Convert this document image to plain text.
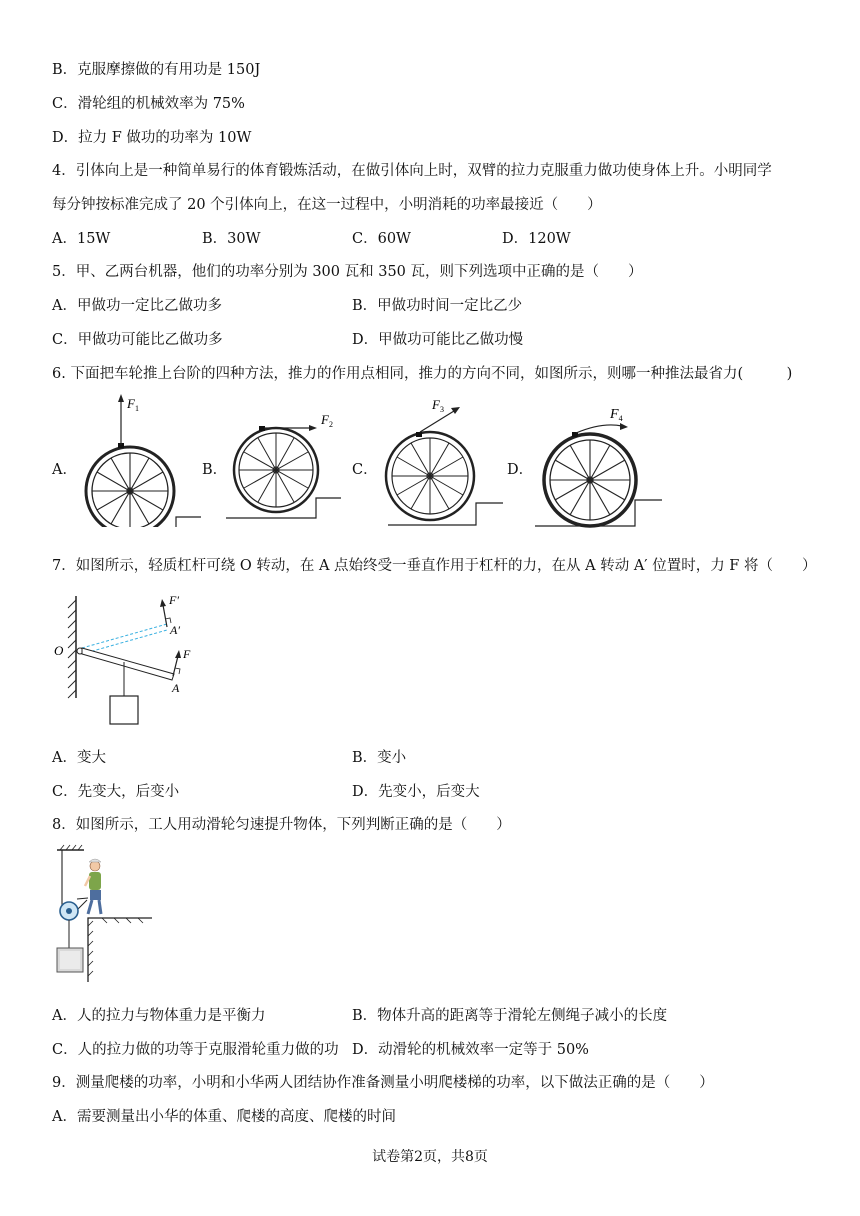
B．克服摩擦做的有用功是 150J
C．滑轮组的机械效率为 75%
D．拉力 F 做功的功率为 10W
4．引体向上是一种简单易行的体育锻炼活动，在做引体向上时，双臂的拉力克服重力做功使身体上升。小明同学
每分钟按标准完成了 20 个引体向上，在这一过程中，小明消耗的功率最接近（　　）
A．15W	B．30W	C．60W	D．120W
5．甲、乙两台机器，他们的功率分别为 300 瓦和 350 瓦，则下列选项中正确的是（　　）
A．甲做功一定比乙做功多	B．甲做功时间一定比乙少
C．甲做功可能比乙做功多	D．甲做功可能比乙做功慢
6. 下面把车轮推上台阶的四种方法，推力的作用点相同，推力的方向不同，如图所示，则哪一种推法最省力(　　　)
A．	B．	C．	D．
$F_1$
$F_2$
$F_3$	$F_4$
7．如图所示，轻质杠杆可绕 O 转动，在 A 点始终受一垂直作用于杠杆的力，在从 A 转动 A′ 位置时，力 F 将（　　）
O
F′
A′
F
A
A．变大	B．变小
C．先变大，后变小	D．先变小，后变大
8．如图所示，工人用动滑轮匀速提升物体，下列判断正确的是（　　）
A．人的拉力与物体重力是平衡力	B．物体升高的距离等于滑轮左侧绳子减小的长度
C．人的拉力做的功等于克服滑轮重力做的功 D．动滑轮的机械效率一定等于 50%
9．测量爬楼的功率，小明和小华两人团结协作准备测量小明爬楼梯的功率，以下做法正确的是（　　）
A．需要测量出小华的体重、爬楼的高度、爬楼的时间
试卷第2页，共8页
